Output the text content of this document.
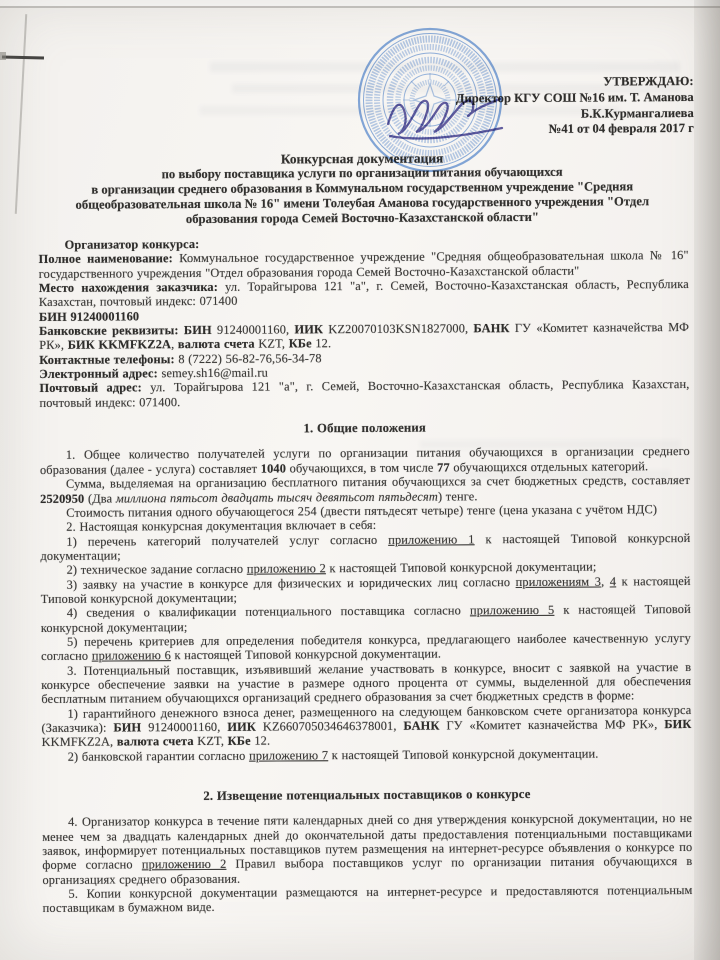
УТВЕРЖДАЮ:
Директор КГУ СОШ №16 им. Т. Аманова
Б.К.Курмангалиева
№41 от 04 февраля 2017 г
Конкурсная документация
по выбору поставщика услуги по организации питания обучающихся
в организации среднего образования в Коммунальном государственном учреждение "Средняя общеобразовательная школа № 16" имени Толеубая Аманова государственного учреждения "Отдел образования города Семей Восточно-Казахстанской области"

Организатор конкурса:

Полное наименование: Коммунальное государственное учреждение "Средняя общеобразовательная школа № 16" государственного учреждения "Отдел образования города Семей Восточно-Казахстанской области"

Место нахождения заказчика: ул. Торайгырова 121 "а", г. Семей, Восточно-Казахстанская область, Республика Казахстан, почтовый индекс: 071400

БИН 91240001160

Банковские реквизиты: БИН 91240001160, ИИК KZ20070103KSN1827000, БАНК ГУ «Комитет казначейства МФ РК», БИК KKMFKZ2A, валюта счета KZT, КБе 12.

Контактные телефоны: 8 (7222) 56-82-76,56-34-78

Электронный адрес: semey.sh16@mail.ru

Почтовый адрес: ул. Торайгырова 121 "а", г. Семей, Восточно-Казахстанская область, Республика Казахстан, почтовый индекс: 071400.

1. Общие положения

1. Общее количество получателей услуги по организации питания обучающихся в организации среднего образования (далее - услуга) составляет 1040 обучающихся, в том числе 77 обучающихся отдельных категорий.

Сумма, выделяемая на организацию бесплатного питания обучающихся за счет бюджетных средств, составляет 2520950 (Два миллиона пятьсот двадцать тысяч девятьсот пятьдесят) тенге.

Стоимость питания одного обучающегося 254 (двести пятьдесят четыре) тенге (цена указана с учётом НДС)

2. Настоящая конкурсная документация включает в себя:

1) перечень категорий получателей услуг согласно приложению 1 к настоящей Типовой конкурсной документации;

2) техническое задание согласно приложению 2 к настоящей Типовой конкурсной документации;

3) заявку на участие в конкурсе для физических и юридических лиц согласно приложениям 3, 4 к настоящей Типовой конкурсной документации;

4) сведения о квалификации потенциального поставщика согласно приложению 5 к настоящей Типовой конкурсной документации;

5) перечень критериев для определения победителя конкурса, предлагающего наиболее качественную услугу согласно приложению 6 к настоящей Типовой конкурсной документации.

3. Потенциальный поставщик, изъявивший желание участвовать в конкурсе, вносит с заявкой на участие в конкурсе обеспечение заявки на участие в размере одного процента от суммы, выделенной для обеспечения бесплатным питанием обучающихся организаций среднего образования за счет бюджетных средств в форме:

1) гарантийного денежного взноса денег, размещенного на следующем банковском счете организатора конкурса (Заказчика): БИН 91240001160, ИИК KZ660705034646378001, БАНК ГУ «Комитет казначейства МФ РК», БИК KKMFKZ2A, валюта счета KZT, КБе 12.

2) банковской гарантии согласно приложению 7 к настоящей Типовой конкурсной документации.

2. Извещение потенциальных поставщиков о конкурсе

4. Организатор конкурса в течение пяти календарных дней со дня утверждения конкурсной документации, но не менее чем за двадцать календарных дней до окончательной даты предоставления потенциальными поставщиками заявок, информирует потенциальных поставщиков путем размещения на интернет-ресурсе объявления о конкурсе по форме согласно приложению 2 Правил выбора поставщиков услуг по организации питания обучающихся в организациях среднего образования.

5. Копии конкурсной документации размещаются на интернет-ресурсе и предоставляются потенциальным поставщикам в бумажном виде.
